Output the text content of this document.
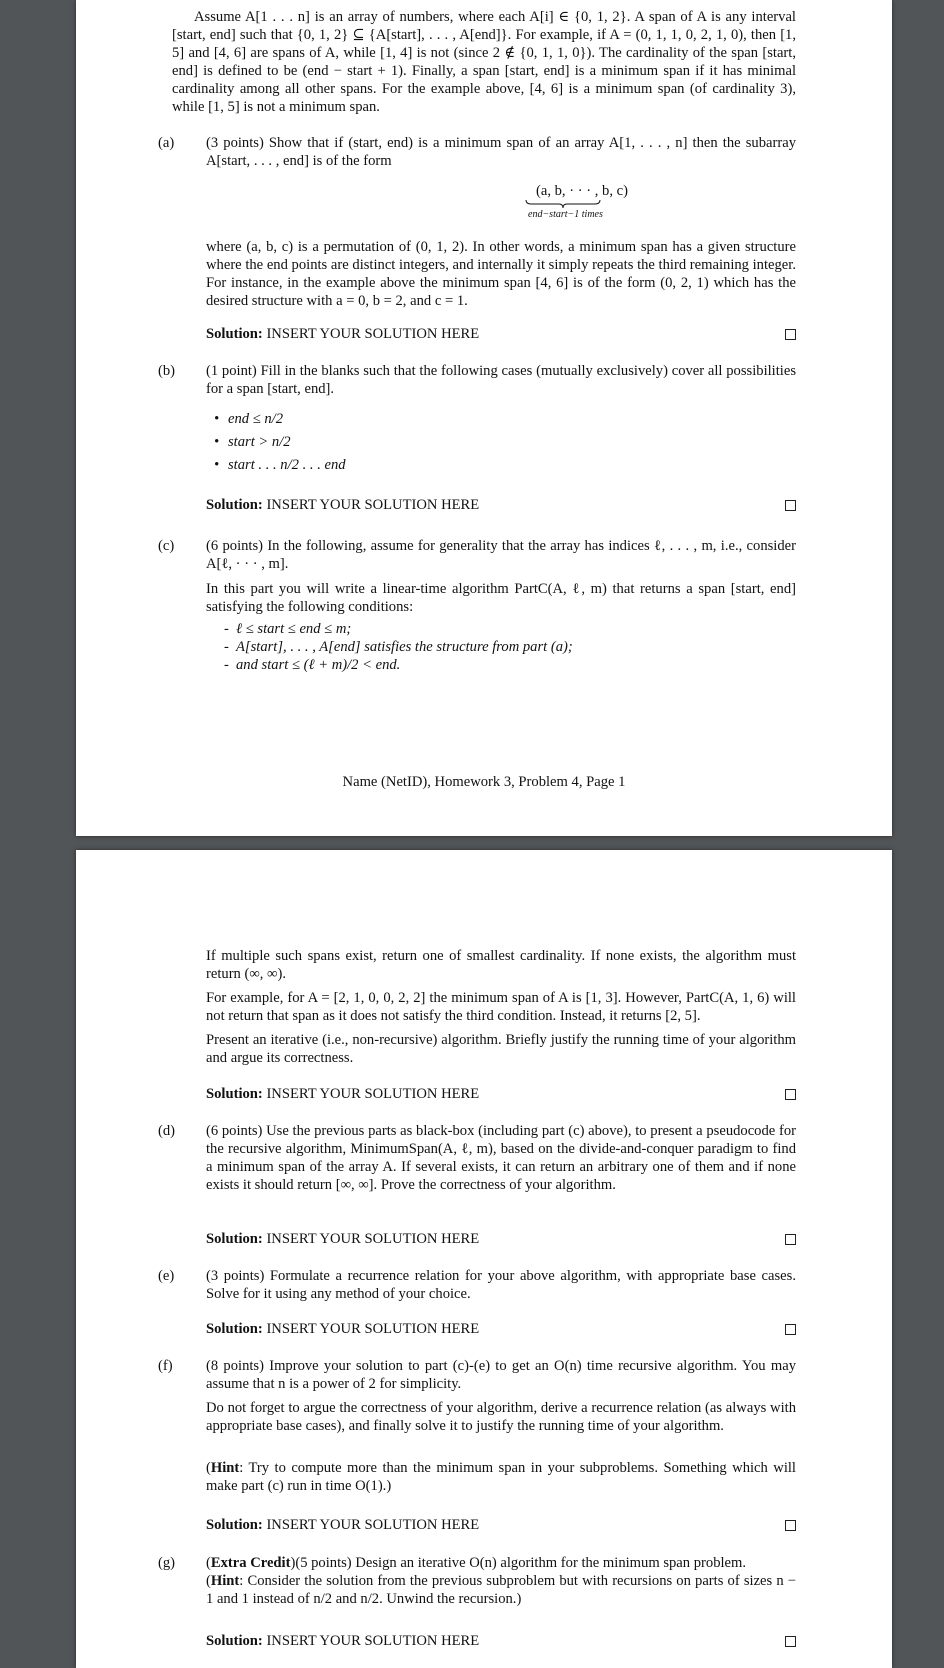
Assume A[1 . . . n] is an array of numbers, where each A[i] ∈ {0, 1, 2}. A span of A is any interval [start, end] such that {0, 1, 2} ⊆ {A[start], . . . , A[end]}. For example, if A = (0, 1, 1, 0, 2, 1, 0), then [1, 5] and [4, 6] are spans of A, while [1, 4] is not (since 2 ∉ {0, 1, 1, 0}). The cardinality of the span [start, end] is defined to be (end − start + 1). Finally, a span [start, end] is a minimum span if it has minimal cardinality among all other spans. For the example above, [4, 6] is a minimum span (of cardinality 3), while [1, 5] is not a minimum span.

(a) (3 points) Show that if (start, end) is a minimum span of an array A[1, . . . , n] then the subarray A[start, . . . , end] is of the form

(a, b, · · · , b, c)
end−start−1 times

where (a, b, c) is a permutation of (0, 1, 2). In other words, a minimum span has a given structure where the end points are distinct integers, and internally it simply repeats the third remaining integer. For instance, in the example above the minimum span [4, 6] is of the form (0, 2, 1) which has the desired structure with a = 0, b = 2, and c = 1.

Solution: INSERT YOUR SOLUTION HERE
(b) (1 point) Fill in the blanks such that the following cases (mutually exclusively) cover all possibilities for a span [start, end].

• end ≤ n/2
• start > n/2
• start . . . n/2 . . . end
Solution: INSERT YOUR SOLUTION HERE
(c) (6 points) In the following, assume for generality that the array has indices ℓ, . . . , m, i.e., consider A[ℓ, · · · , m].

In this part you will write a linear-time algorithm PartC(A, ℓ, m) that returns a span [start, end] satisfying the following conditions:

- ℓ ≤ start ≤ end ≤ m;
- A[start], . . . , A[end] satisfies the structure from part (a);
- and start ≤ (ℓ + m)/2 < end.
Name (NetID), Homework 3, Problem 4, Page 1

If multiple such spans exist, return one of smallest cardinality. If none exists, the algorithm must return (∞, ∞).

For example, for A = [2, 1, 0, 0, 2, 2] the minimum span of A is [1, 3]. However, PartC(A, 1, 6) will not return that span as it does not satisfy the third condition. Instead, it returns [2, 5].

Present an iterative (i.e., non-recursive) algorithm. Briefly justify the running time of your algorithm and argue its correctness.

Solution: INSERT YOUR SOLUTION HERE
(d) (6 points) Use the previous parts as black-box (including part (c) above), to present a pseudocode for the recursive algorithm, MinimumSpan(A, ℓ, m), based on the divide-and-conquer paradigm to find a minimum span of the array A. If several exists, it can return an arbitrary one of them and if none exists it should return [∞, ∞]. Prove the correctness of your algorithm.

Solution: INSERT YOUR SOLUTION HERE
(e) (3 points) Formulate a recurrence relation for your above algorithm, with appropriate base cases. Solve for it using any method of your choice.

Solution: INSERT YOUR SOLUTION HERE
(f) (8 points) Improve your solution to part (c)-(e) to get an O(n) time recursive algorithm. You may assume that n is a power of 2 for simplicity.

Do not forget to argue the correctness of your algorithm, derive a recurrence relation (as always with appropriate base cases), and finally solve it to justify the running time of your algorithm.

(Hint: Try to compute more than the minimum span in your subproblems. Something which will make part (c) run in time O(1).)

Solution: INSERT YOUR SOLUTION HERE
(g) (Extra Credit)(5 points) Design an iterative O(n) algorithm for the minimum span problem.

(Hint: Consider the solution from the previous subproblem but with recursions on parts of sizes n − 1 and 1 instead of n/2 and n/2. Unwind the recursion.)

Solution: INSERT YOUR SOLUTION HERE
